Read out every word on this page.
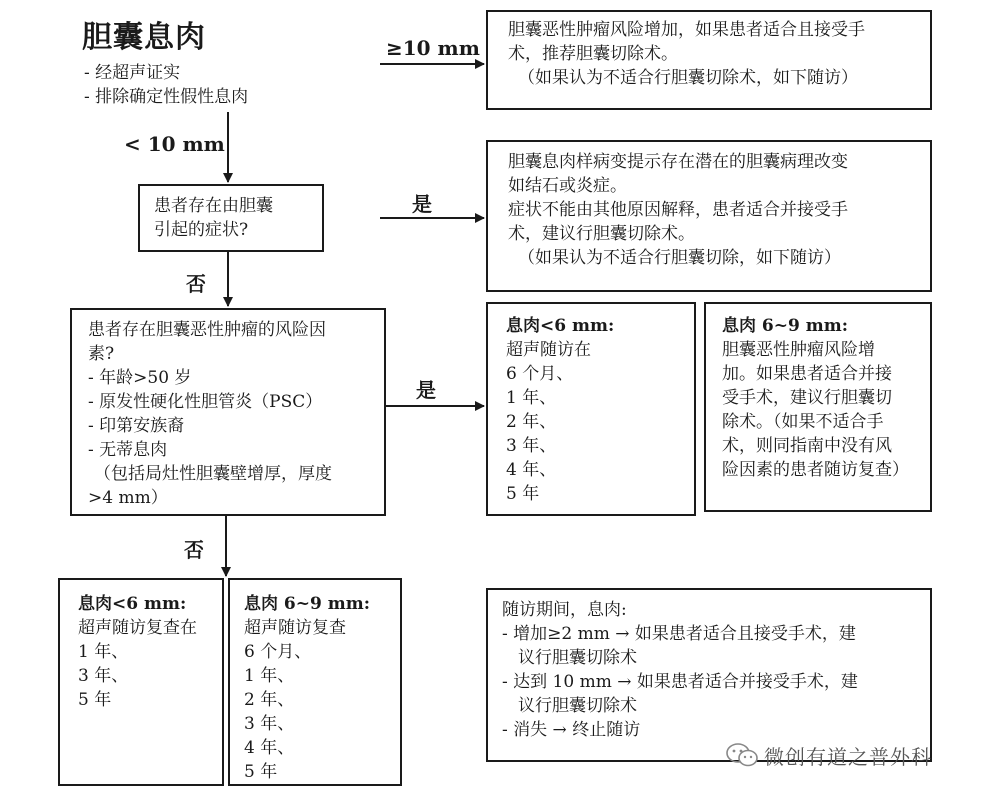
胆囊息肉
- 经超声证实
- 排除确定性假性息肉
≥10 mm
< 10 mm
是
否
是
否
胆囊恶性肿瘤风险增加，如果患者适合且接受手
术，推荐胆囊切除术。
（如果认为不适合行胆囊切除术，如下随访）
患者存在由胆囊
引起的症状?
胆囊息肉样病变提示存在潜在的胆囊病理改变
如结石或炎症。
症状不能由其他原因解释，患者适合并接受手
术，建议行胆囊切除术。
（如果认为不适合行胆囊切除，如下随访）
患者存在胆囊恶性肿瘤的风险因
素?
- 年龄>50 岁
- 原发性硬化性胆管炎（PSC）
- 印第安族裔
- 无蒂息肉
（包括局灶性胆囊壁增厚，厚度
>4 mm）
息肉<6 mm:
超声随访在
6 个月、
1 年、
2 年、
3 年、
4 年、
5 年
息肉 6~9 mm:
胆囊恶性肿瘤风险增
加。如果患者适合并接
受手术，建议行胆囊切
除术。（如果不适合手
术，则同指南中没有风
险因素的患者随访复查）
息肉<6 mm:
超声随访复查在
1 年、
3 年、
5 年
息肉 6~9 mm:
超声随访复查
6 个月、
1 年、
2 年、
3 年、
4 年、
5 年
随访期间，息肉:
- 增加≥2 mm → 如果患者适合且接受手术，建
议行胆囊切除术
- 达到 10 mm → 如果患者适合并接受手术，建
议行胆囊切除术
- 消失 → 终止随访
微创有道之普外科
